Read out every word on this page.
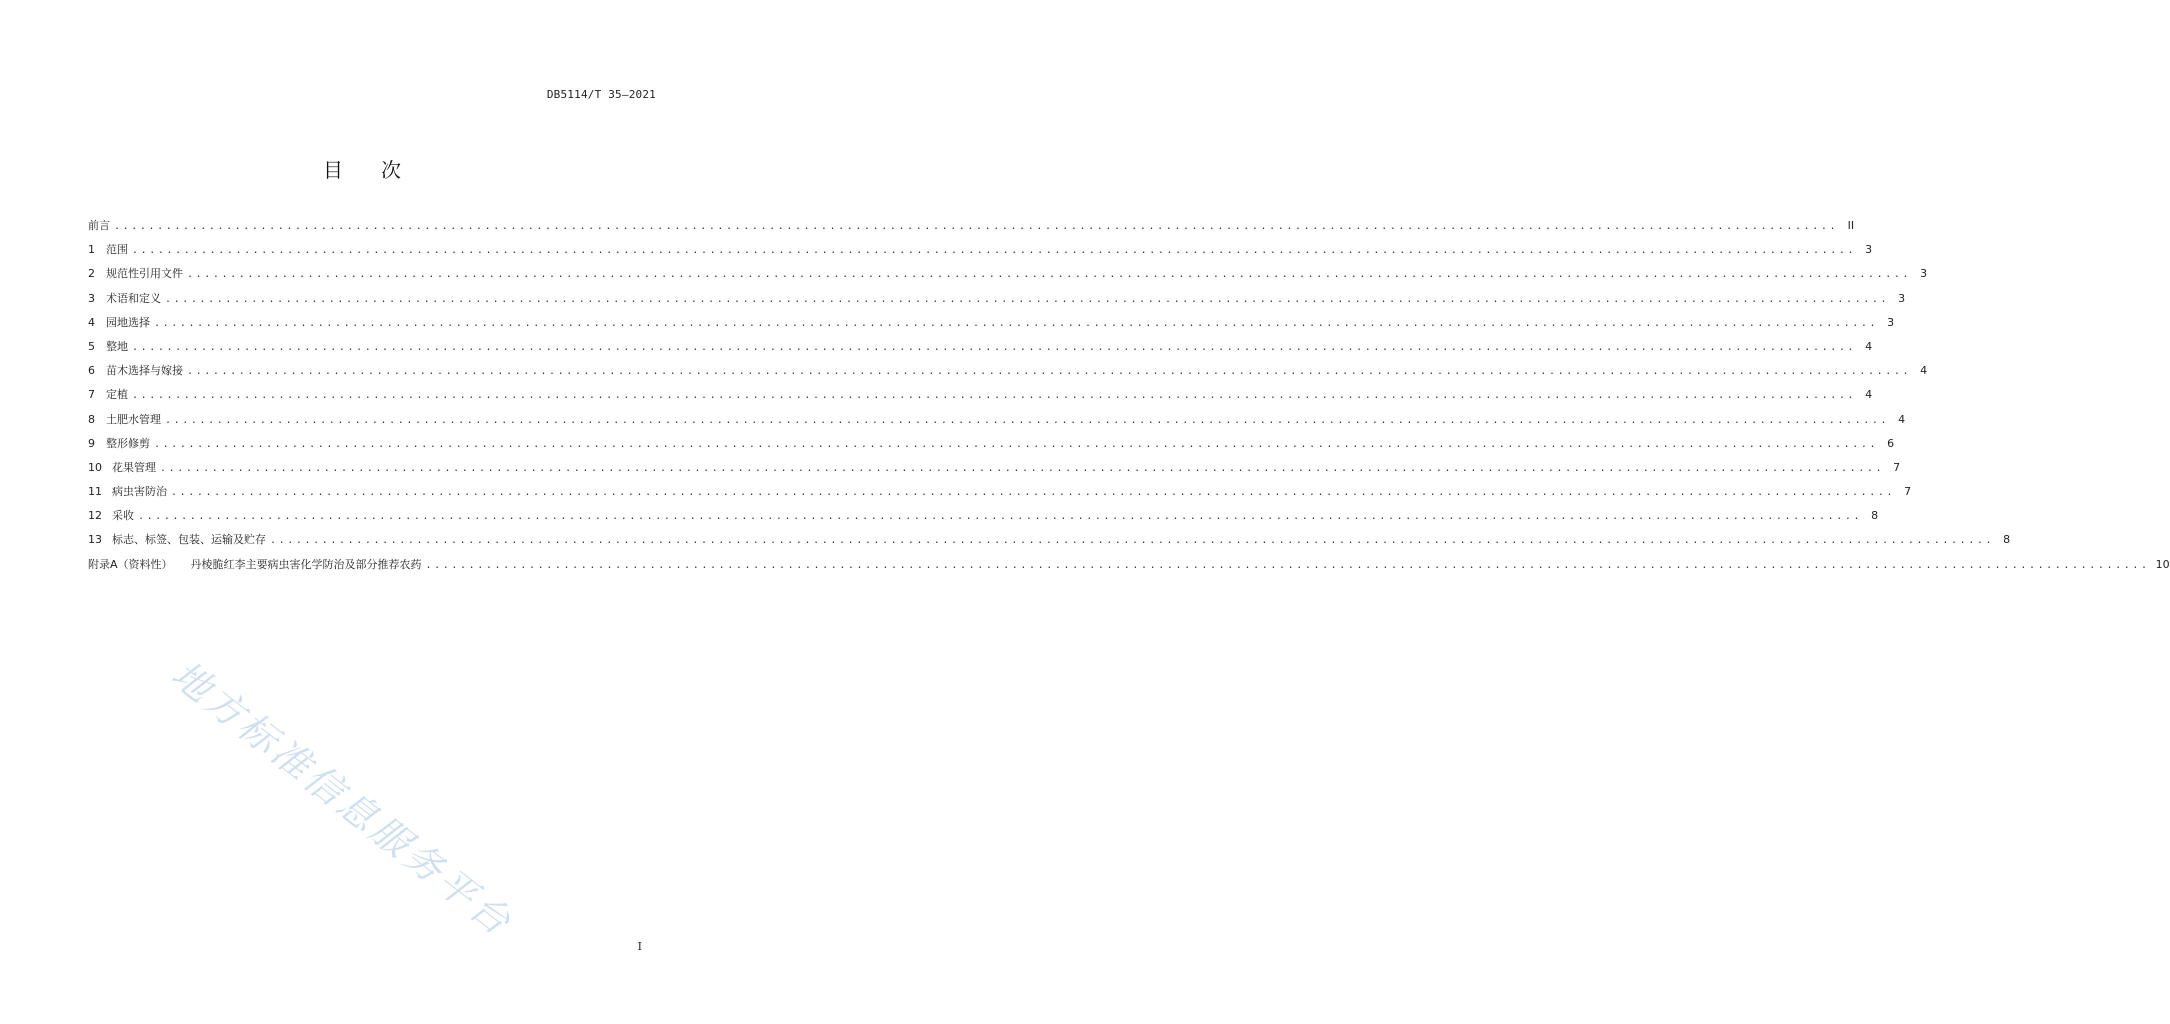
DB5114/T 35—2021
目 次
前言 ........................................................................................................................................................................................................ II
1	范围 ........................................................................................................................................................................................................ 3
2	规范性引用文件 ........................................................................................................................................................................................................ 3
3	术语和定义 ........................................................................................................................................................................................................ 3
4	园地选择 ........................................................................................................................................................................................................ 3
5	整地 ........................................................................................................................................................................................................ 4
6	苗木选择与嫁接 ........................................................................................................................................................................................................ 4
7	定植 ........................................................................................................................................................................................................ 4
8	土肥水管理 ........................................................................................................................................................................................................ 4
9	整形修剪 ........................................................................................................................................................................................................ 6
10 花果管理 ........................................................................................................................................................................................................ 7
11 病虫害防治 ........................................................................................................................................................................................................ 7
12 采收 ........................................................................................................................................................................................................ 8
13 标志、标签、包装、运输及贮存 ........................................................................................................................................................................................................ 8
附录A（资料性） 丹棱脆红李主要病虫害化学防治及部分推荐农药 ........................................................................................................................................................................................................ 10
地方标准信息服务平台
I
